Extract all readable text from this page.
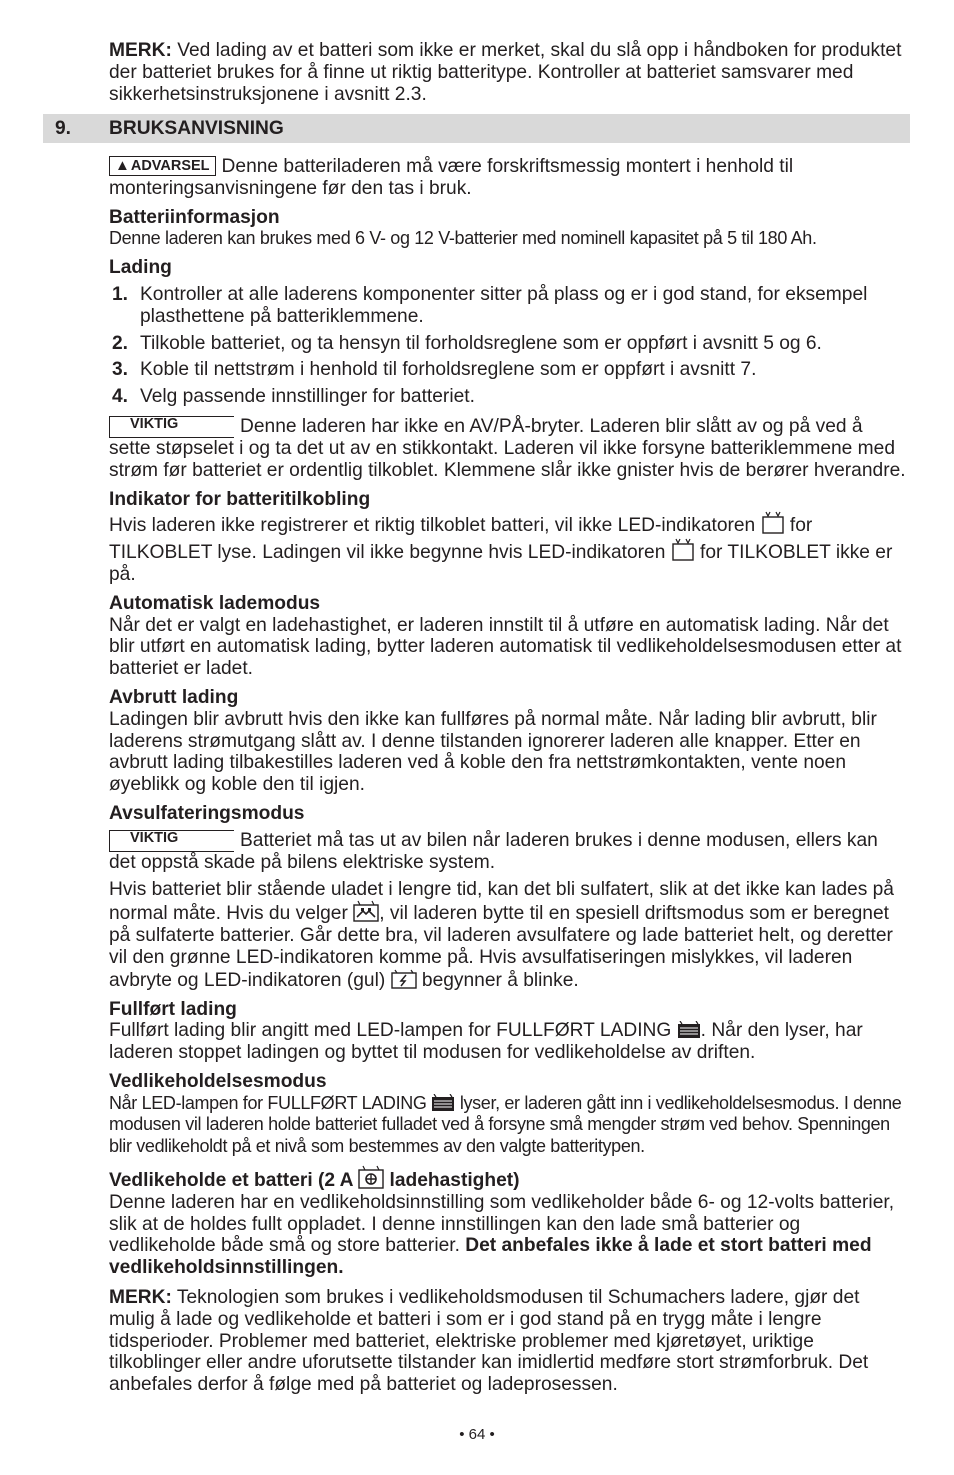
MERK: Ved lading av et batteri som ikke er merket, skal du slå opp i håndboken for produktet der batteriet brukes for å finne ut riktig batteritype. Kontroller at batteriet samsvarer med sikkerhetsinstruksjonene i avsnitt 2.3.

9.	BRUKSANVISNING

▲ADVARSEL Denne batteriladeren må være forskriftsmessig montert i henhold til monteringsanvisningene før den tas i bruk.

Batteriinformasjon

Denne laderen kan brukes med 6 V- og 12 V-batterier med nominell kapasitet på 5 til 180 Ah.

Lading

1. Kontroller at alle laderens komponenter sitter på plass og er i god stand, for eksempel plasthettene på batteriklemmene.
2. Tilkoble batteriet, og ta hensyn til forholdsreglene som er oppført i avsnitt 5 og 6.
3. Koble til nettstrøm i henhold til forholdsreglene som er oppført i avsnitt 7.
4. Velg passende innstillinger for batteriet.

VIKTIG	Denne laderen har ikke en AV/PÅ-bryter. Laderen blir slått av og på ved å sette støpselet i og ta det ut av en stikkontakt. Laderen vil ikke forsyne batteriklemmene med strøm før batteriet er ordentlig tilkoblet. Klemmene slår ikke gnister hvis de berører hverandre.

Indikator for batteritilkobling

Hvis laderen ikke registrerer et riktig tilkoblet batteri, vil ikke LED-indikatoren  for TILKOBLET lyse. Ladingen vil ikke begynne hvis LED-indikatoren  for TILKOBLET ikke er på.

Automatisk lademodus

Når det er valgt en ladehastighet, er laderen innstilt til å utføre en automatisk lading. Når det blir utført en automatisk lading, bytter laderen automatisk til vedlikeholdelsesmodusen etter at batteriet er ladet.

Avbrutt lading

Ladingen blir avbrutt hvis den ikke kan fullføres på normal måte. Når lading blir avbrutt, blir laderens strømutgang slått av. I denne tilstanden ignorerer laderen alle knapper. Etter en avbrutt lading tilbakestilles laderen ved å koble den fra nettstrømkontakten, vente noen øyeblikk og koble den til igjen.

Avsulfateringsmodus

VIKTIG	Batteriet må tas ut av bilen når laderen brukes i denne modusen, ellers kan det oppstå skade på bilens elektriske system.

Hvis batteriet blir stående uladet i lengre tid, kan det bli sulfatert, slik at det ikke kan lades på normal måte. Hvis du velger , vil laderen bytte til en spesiell driftsmodus som er beregnet på sulfaterte batterier. Går dette bra, vil laderen avsulfatere og lade batteriet helt, og deretter vil den grønne LED-indikatoren komme på. Hvis avsulfatiseringen mislykkes, vil laderen avbryte og LED-indikatoren (gul)  begynner å blinke.

Fullført lading

Fullført lading blir angitt med LED-lampen for FULLFØRT LADING . Når den lyser, har laderen stoppet ladingen og byttet til modusen for vedlikeholdelse av driften.

Vedlikeholdelsesmodus

Når LED-lampen for FULLFØRT LADING  lyser, er laderen gått inn i vedlikeholdelsesmodus. I denne modusen vil laderen holde batteriet fulladet ved å forsyne små mengder strøm ved behov. Spenningen blir vedlikeholdt på et nivå som bestemmes av den valgte batteritypen.

Vedlikeholde et batteri (2 A  ladehastighet)

Denne laderen har en vedlikeholdsinnstilling som vedlikeholder både 6- og 12-volts batterier, slik at de holdes fullt oppladet. I denne innstillingen kan den lade små batterier og vedlikeholde både små og store batterier. Det anbefales ikke å lade et stort batteri med vedlikeholdsinnstillingen.

MERK: Teknologien som brukes i vedlikeholdsmodusen til Schumachers ladere, gjør det mulig å lade og vedlikeholde et batteri i som er i god stand på en trygg måte i lengre tidsperioder. Problemer med batteriet, elektriske problemer med kjøretøyet, uriktige tilkoblinger eller andre uforutsette tilstander kan imidlertid medføre stort strømforbruk. Det anbefales derfor å følge med på batteriet og ladeprosessen.

• 64 •
